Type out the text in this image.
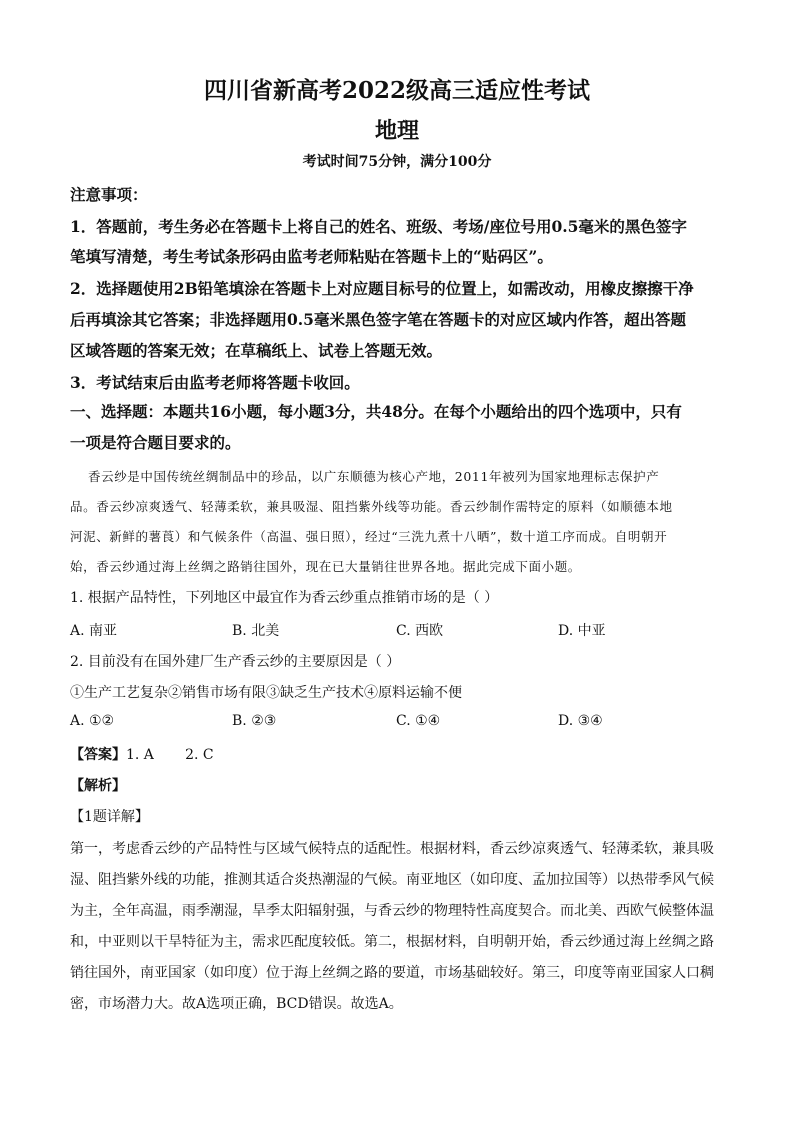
四川省新高考2022级高三适应性考试
地理
考试时间75分钟，满分100分
注意事项：
1．答题前，考生务必在答题卡上将自己的姓名、班级、考场/座位号用0.5毫米的黑色签字
笔填写清楚，考生考试条形码由监考老师粘贴在答题卡上的“贴码区”。
2．选择题使用2B铅笔填涂在答题卡上对应题目标号的位置上，如需改动，用橡皮擦擦干净
后再填涂其它答案；非选择题用0.5毫米黑色签字笔在答题卡的对应区域内作答，超出答题
区域答题的答案无效；在草稿纸上、试卷上答题无效。
3．考试结束后由监考老师将答题卡收回。
一、选择题：本题共16小题，每小题3分，共48分。在每个小题给出的四个选项中，只有
一项是符合题目要求的。
香云纱是中国传统丝绸制品中的珍品，以广东顺德为核心产地，2011年被列为国家地理标志保护产
品。香云纱凉爽透气、轻薄柔软，兼具吸湿、阻挡紫外线等功能。香云纱制作需特定的原料（如顺德本地
河泥、新鲜的薯莨）和气候条件（高温、强日照），经过“三洗九煮十八晒”，数十道工序而成。自明朝开
始，香云纱通过海上丝绸之路销往国外，现在已大量销往世界各地。据此完成下面小题。
1. 根据产品特性，下列地区中最宜作为香云纱重点推销市场的是（ ）
A. 南亚	B. 北美	C. 西欧	D. 中亚
2. 目前没有在国外建厂生产香云纱的主要原因是（ ）
①生产工艺复杂②销售市场有限③缺乏生产技术④原料运输不便
A. ①②	B. ②③	C. ①④	D. ③④
【答案】1. A       2. C
【解析】
【1题详解】
第一，考虑香云纱的产品特性与区域气候特点的适配性。根据材料，香云纱凉爽透气、轻薄柔软，兼具吸
湿、阻挡紫外线的功能，推测其适合炎热潮湿的气候。南亚地区（如印度、孟加拉国等）以热带季风气候
为主，全年高温，雨季潮湿，旱季太阳辐射强，与香云纱的物理特性高度契合。而北美、西欧气候整体温
和，中亚则以干旱特征为主，需求匹配度较低。第二，根据材料，自明朝开始，香云纱通过海上丝绸之路
销往国外，南亚国家（如印度）位于海上丝绸之路的要道，市场基础较好。第三，印度等南亚国家人口稠
密，市场潜力大。故A选项正确，BCD错误。故选A。
